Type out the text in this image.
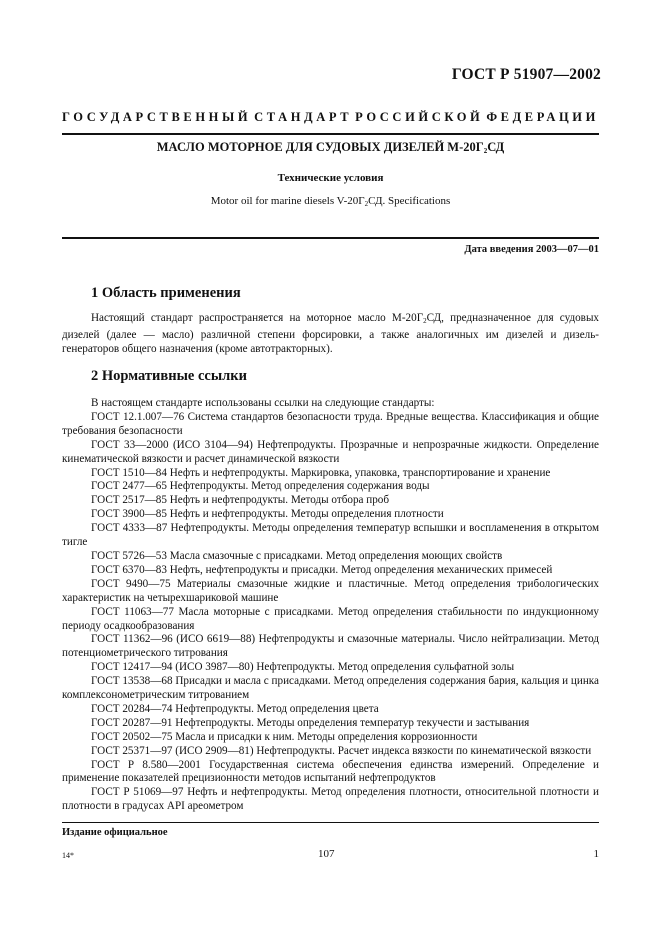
ГОСТ Р 51907—2002
ГОСУДАРСТВЕННЫЙ СТАНДАРТ РОССИЙСКОЙ ФЕДЕРАЦИИ
МАСЛО МОТОРНОЕ ДЛЯ СУДОВЫХ ДИЗЕЛЕЙ $М-20Г_2СД$
Технические условия
Motor oil for marine diesels $V-20Г_2СД$. Specifications
Дата введения 2003—07—01
1 Область применения

Настоящий стандарт распространяется на моторное масло $М-20Г_2СД$, предназначенное для судовых дизелей (далее — масло) различной степени форсировки, а также аналогичных им дизелей и дизель-генераторов общего назначения (кроме автотракторных).

2 Нормативные ссылки

В настоящем стандарте использованы ссылки на следующие стандарты:

ГОСТ 12.1.007—76 Система стандартов безопасности труда. Вредные вещества. Классификация и общие требования безопасности

ГОСТ 33—2000 (ИСО 3104—94) Нефтепродукты. Прозрачные и непрозрачные жидкости. Определение кинематической вязкости и расчет динамической вязкости

ГОСТ 1510—84 Нефть и нефтепродукты. Маркировка, упаковка, транспортирование и хранение

ГОСТ 2477—65 Нефтепродукты. Метод определения содержания воды

ГОСТ 2517—85 Нефть и нефтепродукты. Методы отбора проб

ГОСТ 3900—85 Нефть и нефтепродукты. Методы определения плотности

ГОСТ 4333—87 Нефтепродукты. Методы определения температур вспышки и воспламенения в открытом тигле

ГОСТ 5726—53 Масла смазочные с присадками. Метод определения моющих свойств

ГОСТ 6370—83 Нефть, нефтепродукты и присадки. Метод определения механических примесей

ГОСТ 9490—75 Материалы смазочные жидкие и пластичные. Метод определения трибологических характеристик на четырехшариковой машине

ГОСТ 11063—77 Масла моторные с присадками. Метод определения стабильности по индукционному периоду осадкообразования

ГОСТ 11362—96 (ИСО 6619—88) Нефтепродукты и смазочные материалы. Число нейтрализации. Метод потенциометрического титрования

ГОСТ 12417—94 (ИСО 3987—80) Нефтепродукты. Метод определения сульфатной золы

ГОСТ 13538—68 Присадки и масла с присадками. Метод определения содержания бария, кальция и цинка комплексонометрическим титрованием

ГОСТ 20284—74 Нефтепродукты. Метод определения цвета

ГОСТ 20287—91 Нефтепродукты. Методы определения температур текучести и застывания

ГОСТ 20502—75 Масла и присадки к ним. Методы определения коррозионности

ГОСТ 25371—97 (ИСО 2909—81) Нефтепродукты. Расчет индекса вязкости по кинематической вязкости

ГОСТ Р 8.580—2001 Государственная система обеспечения единства измерений. Определение и применение показателей прецизионности методов испытаний нефтепродуктов

ГОСТ Р 51069—97 Нефть и нефтепродукты. Метод определения плотности, относительной плотности и плотности в градусах API ареометром

Издание официальное
14*	107	1
